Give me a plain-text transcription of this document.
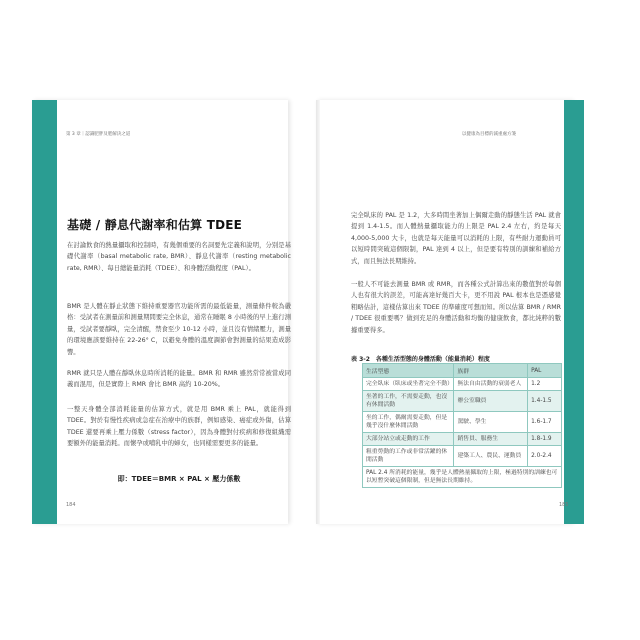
第 3 章｜認識肥胖及肥解決之道	以健康為目標的減重處方箋
基礎 / 靜息代謝率和估算 TDEE
在討論飲食的熱量攝取和控制時，有幾個重要的名詞要先定義和說明，分別是基礎代謝率（basal metabolic rate, BMR）、靜息代謝率（resting metabolic rate, RMR）、每日總能量消耗（TDEE）、和身體活動程度（PAL）。
BMR 是人體在靜止狀態下維持重要器官功能所需的最低能量，測量條件較為嚴格：受試者在測量前和測量期間要完全休息，通常在睡眠 8 小時後的早上進行測量，受試者要靜臥，完全清醒，禁食至少 10-12 小時，並且沒有情緒壓力，測量的環境應該要維持在 22-26° C，以避免身體的溫度調節會對測量的結果造成影響。
RMR 就只是人體在靜臥休息時所消耗的能量。BMR 和 RMR 雖然常常被當成同義而混用，但是實際上 RMR 會比 BMR 高約 10-20%。
一整天身體全部消耗能量的估算方式，就是用 BMR 乘上 PAL，就能得到 TDEE。對於有慢性疾病或急症在治療中的族群，例如感染、癌症或外傷，估算 TDEE 還要再乘上壓力係數（stress factor），因為身體對付疾病和修復組織需要額外的能量消耗。而懷孕或哺乳中的婦女，也同樣需要更多的能量。
即：TDEE＝BMR × PAL × 壓力係數
184	185
完全臥床的 PAL 是 1.2，大多時間坐著加上偶爾走動的靜態生活 PAL 就會提到 1.4-1.5。而人體熱量攝取能力的上限是 PAL 2.4 左右，約是每天 4,000-5,000 大卡，也就是每天能量可以消耗的上限，有些耐力運動員可以短時間突破這個限制，PAL 達到 4 以上，但是要有特別的訓練和補給方式，而且無法長期維持。
一般人不可能去測量 BMR 或 RMR，而各種公式計算出來的數值對於每個人也有很大的誤差，可能高達好幾百大卡，更不用說 PAL 根本也是憑感覺粗略估計，這樣估算出來 TDEE 的準確度可想而知。所以估算 BMR / RMR / TDEE 很重要嗎？做到充足的身體活動和均衡的健康飲食，都比純粹的數據重要得多。
表 3-2　各種生活型態的身體活動（能量消耗）程度
生活型態	族群	PAL
完全臥床（臥床或坐著完全不動）	無法自由活動的衰弱老人	1.2
坐著的工作，不需要走動，也沒有休閒活動	辦公室職員	1.4-1.5
坐的工作，偶爾需要走動，但是幾乎沒什麼休閒活動	駕駛、學生	1.6-1.7
大部分站立或走動的工作	銷售員、服務生	1.8-1.9
粗重勞動的工作或非常活躍的休閒活動	建築工人、農民、運動員	2.0-2.4
PAL 2.4 所消耗的能量，幾乎是人體熱量攝取的上限，極過特別的訓練也可以短暫突破這個限制，但是無法長期維持。		
